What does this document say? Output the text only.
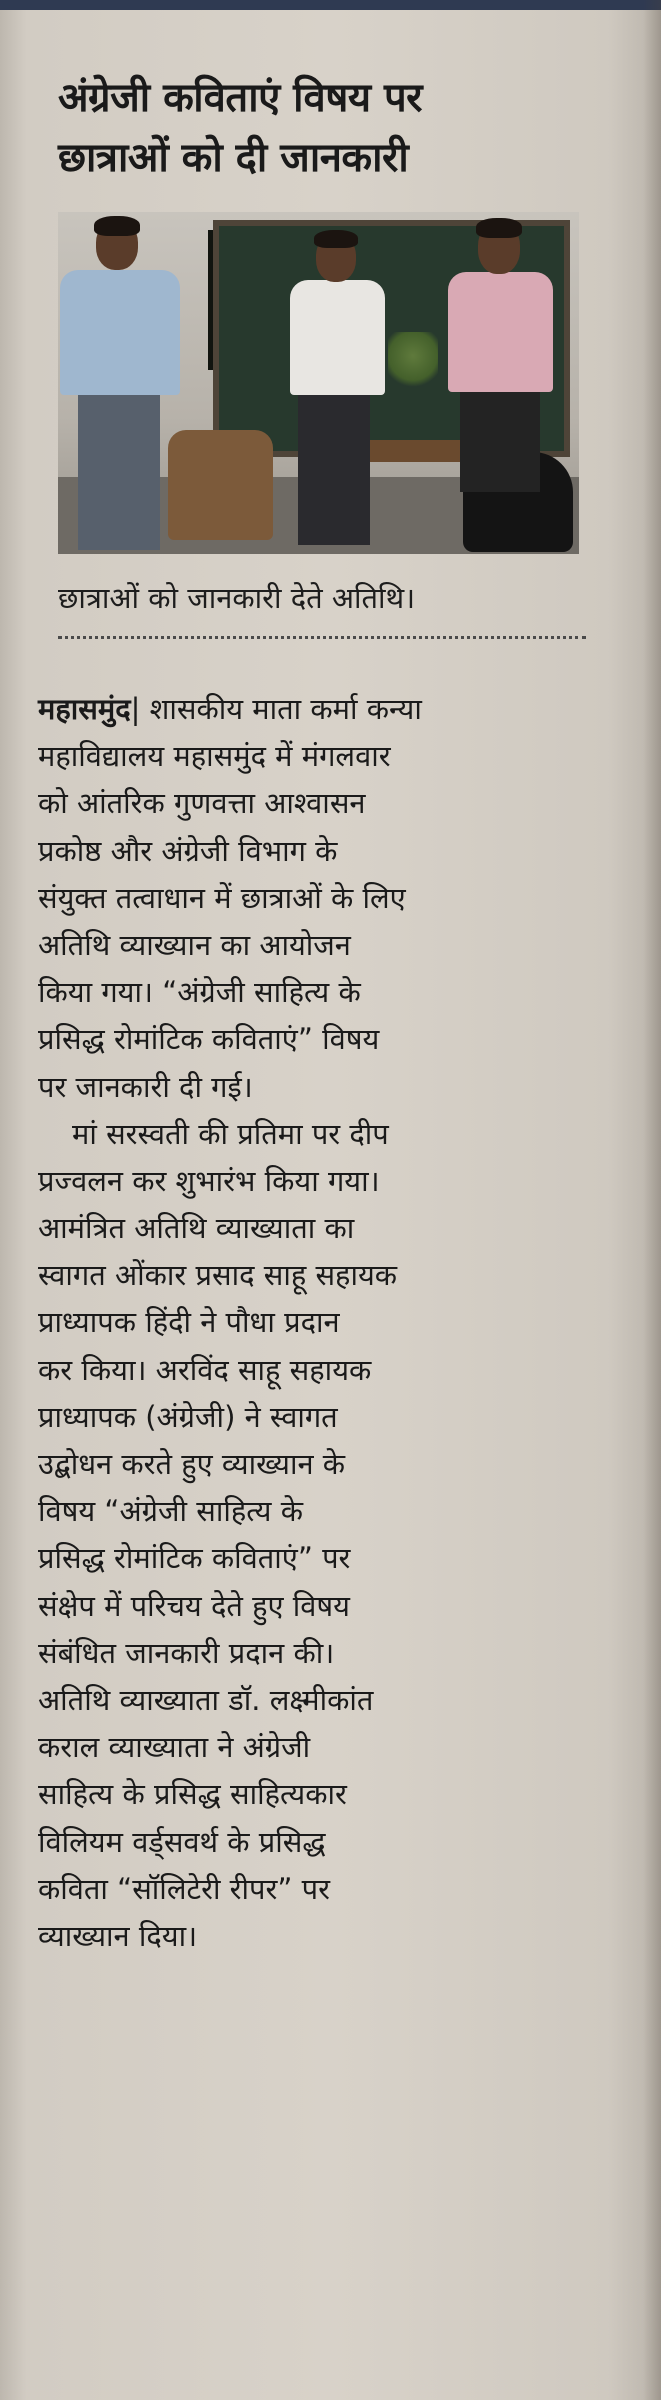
अंग्रेजी कविताएं विषय पर
छात्राओं को दी जानकारी
छात्राओं को जानकारी देते अतिथि।
महासमुंद| शासकीय माता कर्मा कन्या
महाविद्यालय महासमुंद में मंगलवार
को आंतरिक गुणवत्ता आश्वासन
प्रकोष्ठ और अंग्रेजी विभाग के
संयुक्त तत्वाधान में छात्राओं के लिए
अतिथि व्याख्यान का आयोजन
किया गया। “अंग्रेजी साहित्य के
प्रसिद्ध रोमांटिक कविताएं” विषय
पर जानकारी दी गई।
मां सरस्वती की प्रतिमा पर दीप
प्रज्वलन कर शुभारंभ किया गया।
आमंत्रित अतिथि व्याख्याता का
स्वागत ओंकार प्रसाद साहू सहायक
प्राध्यापक हिंदी ने पौधा प्रदान
कर किया। अरविंद साहू सहायक
प्राध्यापक (अंग्रेजी) ने स्वागत
उद्बोधन करते हुए व्याख्यान के
विषय “अंग्रेजी साहित्य के
प्रसिद्ध रोमांटिक कविताएं” पर
संक्षेप में परिचय देते हुए विषय
संबंधित जानकारी प्रदान की।
अतिथि व्याख्याता डॉ. लक्ष्मीकांत
कराल व्याख्याता ने अंग्रेजी
साहित्य के प्रसिद्ध साहित्यकार
विलियम वर्ड्सवर्थ के प्रसिद्ध
कविता “सॉलिटेरी रीपर” पर
व्याख्यान दिया।
